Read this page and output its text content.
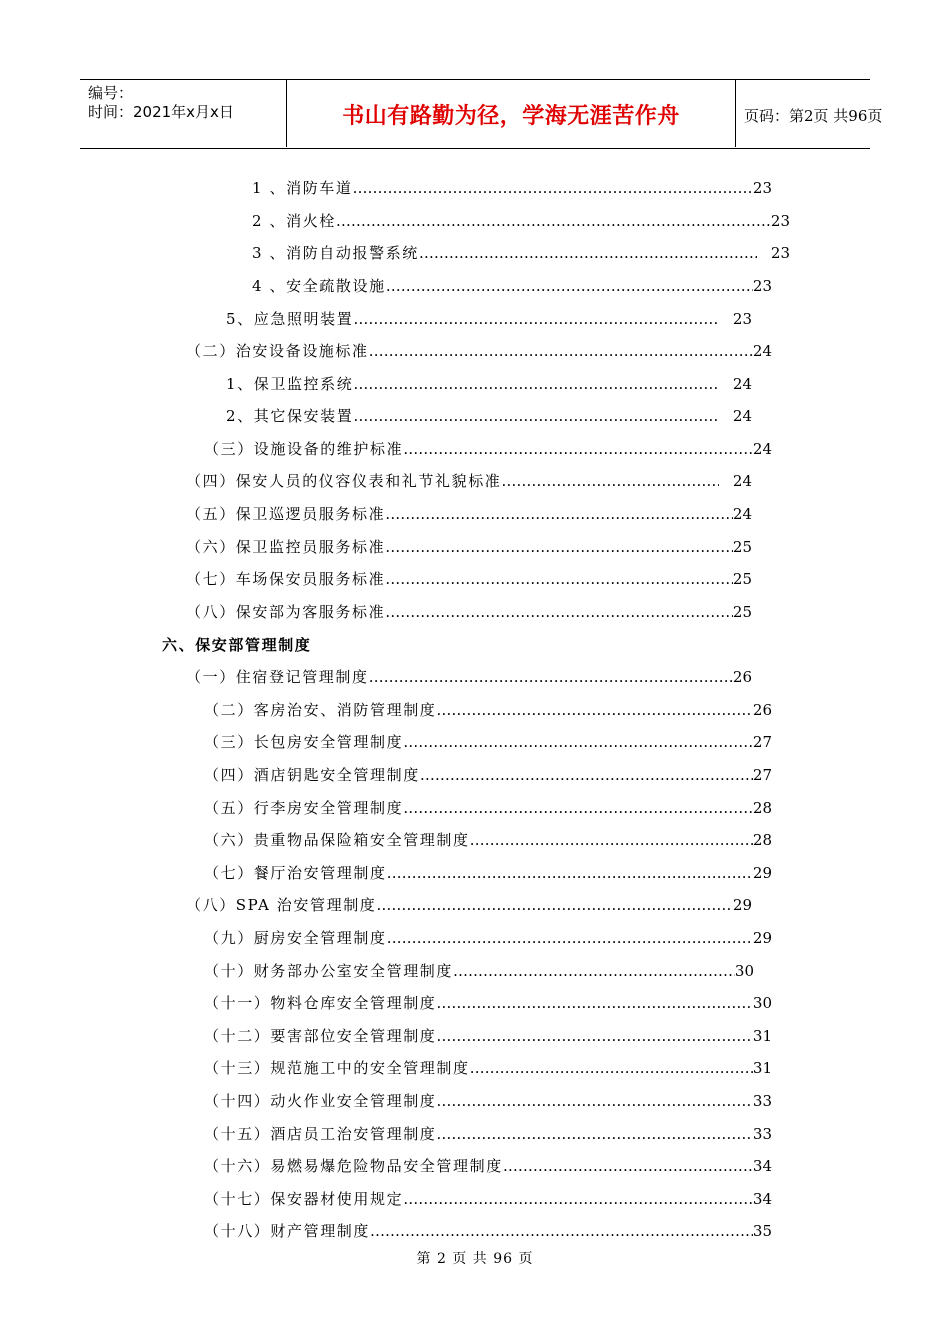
编号：
时间：2021年x月x日	书山有路勤为径，学海无涯苦作舟	页码：第2页 共96页
1 、消防车道 …………………………………………………………………………………………………………………………………………………………	23
2 、消火栓 …………………………………………………………………………………………………………………………………………………………	23
3 、消防自动报警系统 …………………………………………………………………………………………………………………………………………………………	23
4 、安全疏散设施 …………………………………………………………………………………………………………………………………………………………	23
5、应急照明装置 …………………………………………………………………………………………………………………………………………………………	23
（二）治安设备设施标准 …………………………………………………………………………………………………………………………………………………………	24
1、保卫监控系统 …………………………………………………………………………………………………………………………………………………………	24
2、其它保安装置 …………………………………………………………………………………………………………………………………………………………	24
（三）设施设备的维护标准 …………………………………………………………………………………………………………………………………………………………	24
（四）保安人员的仪容仪表和礼节礼貌标准 …………………………………………………………………………………………………………………………………………………………	24
（五）保卫巡逻员服务标准 …………………………………………………………………………………………………………………………………………………………	24
（六）保卫监控员服务标准 …………………………………………………………………………………………………………………………………………………………	25
（七）车场保安员服务标准 …………………………………………………………………………………………………………………………………………………………	25
（八）保安部为客服务标准 …………………………………………………………………………………………………………………………………………………………	25
六、保安部管理制度
（一）住宿登记管理制度 …………………………………………………………………………………………………………………………………………………………	26
（二）客房治安、消防管理制度 …………………………………………………………………………………………………………………………………………………………	26
（三）长包房安全管理制度 …………………………………………………………………………………………………………………………………………………………	27
（四）酒店钥匙安全管理制度 …………………………………………………………………………………………………………………………………………………………	27
（五）行李房安全管理制度 …………………………………………………………………………………………………………………………………………………………	28
（六）贵重物品保险箱安全管理制度 …………………………………………………………………………………………………………………………………………………………	28
（七）餐厅治安管理制度 …………………………………………………………………………………………………………………………………………………………	29
（八）SPA 治安管理制度 …………………………………………………………………………………………………………………………………………………………	29
（九）厨房安全管理制度 …………………………………………………………………………………………………………………………………………………………	29
（十）财务部办公室安全管理制度 …………………………………………………………………………………………………………………………………………………………	30
（十一）物料仓库安全管理制度 …………………………………………………………………………………………………………………………………………………………	30
（十二）要害部位安全管理制度 …………………………………………………………………………………………………………………………………………………………	31
（十三）规范施工中的安全管理制度 …………………………………………………………………………………………………………………………………………………………	31
（十四）动火作业安全管理制度 …………………………………………………………………………………………………………………………………………………………	33
（十五）酒店员工治安管理制度 …………………………………………………………………………………………………………………………………………………………	33
（十六）易燃易爆危险物品安全管理制度 …………………………………………………………………………………………………………………………………………………………	34
（十七）保安器材使用规定 …………………………………………………………………………………………………………………………………………………………	34
（十八）财产管理制度 …………………………………………………………………………………………………………………………………………………………	35
第 2 页 共 96 页
